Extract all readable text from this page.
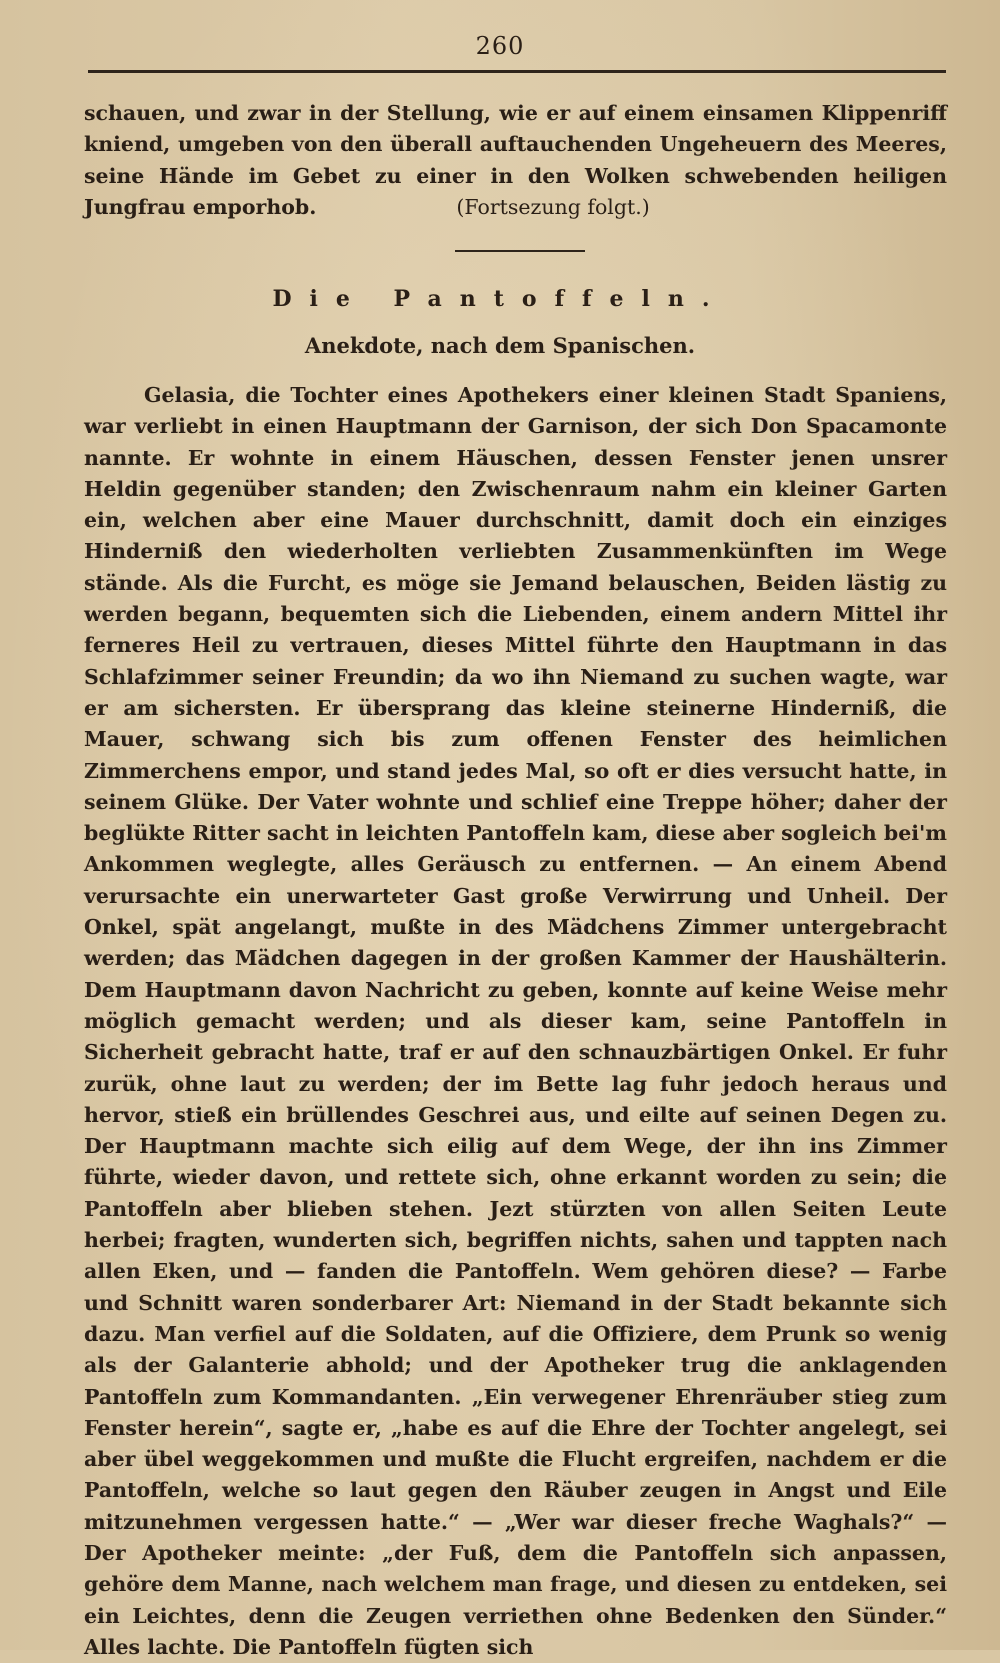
260

schauen, und zwar in der Stellung, wie er auf einem einsamen Klippenriff kniend, umgeben von den überall auftauchenden Ungeheuern des Meeres, seine Hände im Gebet zu einer in den Wolken schwebenden heiligen Jungfrau emporhob.	(Fortsezung folgt.)

Die Pantoffeln.
Anekdote, nach dem Spanischen.

Gelasia, die Tochter eines Apothekers einer kleinen Stadt Spaniens, war verliebt in einen Hauptmann der Garnison, der sich Don Spacamonte nannte. Er wohnte in einem Häuschen, dessen Fenster jenen unsrer Heldin gegenüber standen; den Zwischenraum nahm ein kleiner Garten ein, welchen aber eine Mauer durchschnitt, damit doch ein einziges Hinderniß den wiederholten verliebten Zusammenkünften im Wege stände. Als die Furcht, es möge sie Jemand belauschen, Beiden lästig zu werden begann, bequemten sich die Liebenden, einem andern Mittel ihr ferneres Heil zu vertrauen, dieses Mittel führte den Hauptmann in das Schlafzimmer seiner Freundin; da wo ihn Niemand zu suchen wagte, war er am sichersten. Er übersprang das kleine steinerne Hinderniß, die Mauer, schwang sich bis zum offenen Fenster des heimlichen Zimmerchens empor, und stand jedes Mal, so oft er dies versucht hatte, in seinem Glüke. Der Vater wohnte und schlief eine Treppe höher; daher der beglükte Ritter sacht in leichten Pantoffeln kam, diese aber sogleich bei'm Ankommen weglegte, alles Geräusch zu entfernen. — An einem Abend verursachte ein unerwarteter Gast große Verwirrung und Unheil. Der Onkel, spät angelangt, mußte in des Mädchens Zimmer untergebracht werden; das Mädchen dagegen in der großen Kammer der Haushälterin. Dem Hauptmann davon Nachricht zu geben, konnte auf keine Weise mehr möglich gemacht werden; und als dieser kam, seine Pantoffeln in Sicherheit gebracht hatte, traf er auf den schnauzbärtigen Onkel. Er fuhr zurük, ohne laut zu werden; der im Bette lag fuhr jedoch heraus und hervor, stieß ein brüllendes Geschrei aus, und eilte auf seinen Degen zu. Der Hauptmann machte sich eilig auf dem Wege, der ihn ins Zimmer führte, wieder davon, und rettete sich, ohne erkannt worden zu sein; die Pantoffeln aber blieben stehen. Jezt stürzten von allen Seiten Leute herbei; fragten, wunderten sich, begriffen nichts, sahen und tappten nach allen Eken, und — fanden die Pantoffeln. Wem gehören diese? — Farbe und Schnitt waren sonderbarer Art: Niemand in der Stadt bekannte sich dazu. Man verfiel auf die Soldaten, auf die Offiziere, dem Prunk so wenig als der Galanterie abhold; und der Apotheker trug die anklagenden Pantoffeln zum Kommandanten. „Ein verwegener Ehrenräuber stieg zum Fenster herein“, sagte er, „habe es auf die Ehre der Tochter angelegt, sei aber übel weggekommen und mußte die Flucht ergreifen, nachdem er die Pantoffeln, welche so laut gegen den Räuber zeugen in Angst und Eile mitzunehmen vergessen hatte.“ — „Wer war dieser freche Waghals?“ — Der Apotheker meinte: „der Fuß, dem die Pantoffeln sich anpassen, gehöre dem Manne, nach welchem man frage, und diesen zu entdeken, sei ein Leichtes, denn die Zeugen verriethen ohne Bedenken den Sünder.“ Alles lachte. Die Pantoffeln fügten sich
